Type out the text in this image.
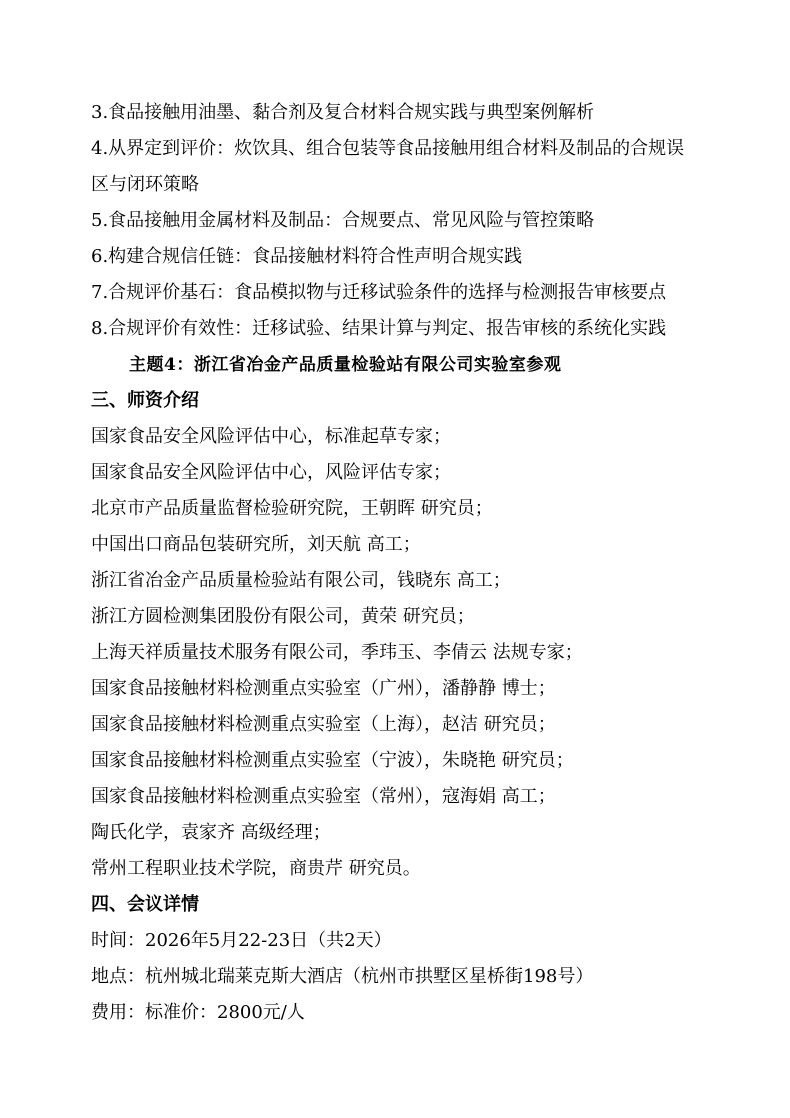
3.食品接触用油墨、黏合剂及复合材料合规实践与典型案例解析
4.从界定到评价：炊饮具、组合包装等食品接触用组合材料及制品的合规误
区与闭环策略
5.食品接触用金属材料及制品：合规要点、常见风险与管控策略
6.构建合规信任链：食品接触材料符合性声明合规实践
7.合规评价基石：食品模拟物与迁移试验条件的选择与检测报告审核要点
8.合规评价有效性：迁移试验、结果计算与判定、报告审核的系统化实践
主题4：浙江省冶金产品质量检验站有限公司实验室参观
三、师资介绍
国家食品安全风险评估中心，标准起草专家；
国家食品安全风险评估中心，风险评估专家；
北京市产品质量监督检验研究院，王朝晖 研究员；
中国出口商品包装研究所，刘天航 高工；
浙江省冶金产品质量检验站有限公司，钱晓东 高工；
浙江方圆检测集团股份有限公司，黄荣 研究员；
上海天祥质量技术服务有限公司，季玮玉、李倩云 法规专家；
国家食品接触材料检测重点实验室（广州），潘静静 博士；
国家食品接触材料检测重点实验室（上海），赵洁 研究员；
国家食品接触材料检测重点实验室（宁波），朱晓艳 研究员；
国家食品接触材料检测重点实验室（常州），寇海娟 高工；
陶氏化学，袁家齐 高级经理；
常州工程职业技术学院，商贵芹 研究员。
四、会议详情
时间：2026年5月22-23日（共2天）
地点：杭州城北瑞莱克斯大酒店（杭州市拱墅区星桥街198号）
费用：标准价：2800元/人
